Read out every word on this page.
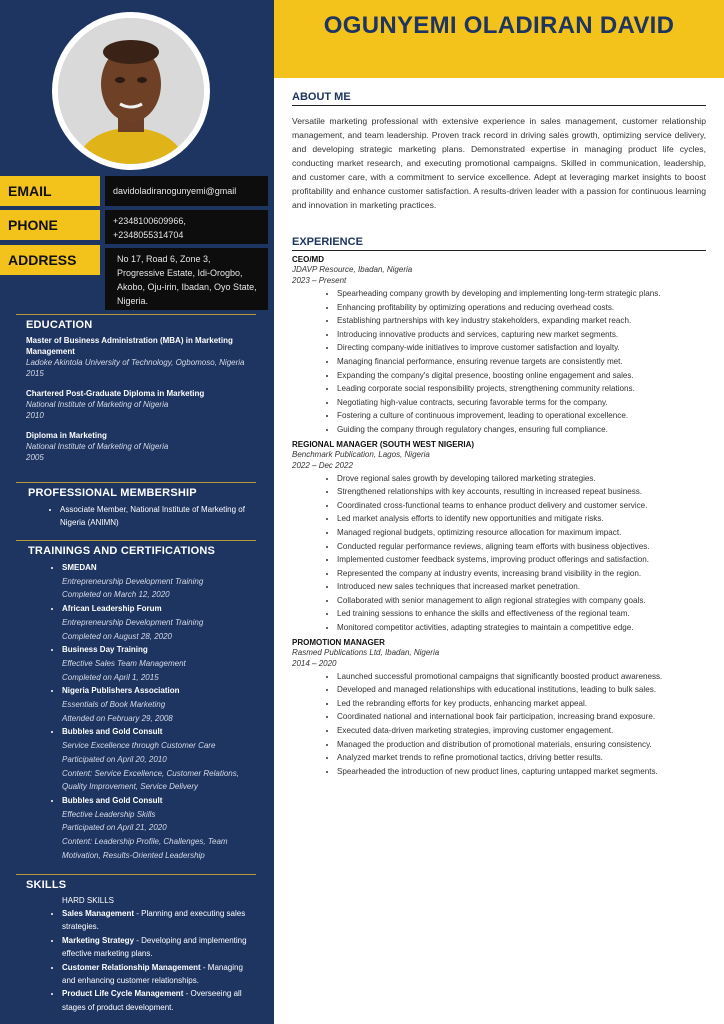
EMAIL	davidoladiranogunyemi@gmail
PHONE	+2348100609966,
+2348055314704
ADDRESS	No 17, Road 6, Zone 3, Progressive Estate, Idi-Orogbo, Akobo, Oju-irin, Ibadan, Oyo State, Nigeria.
EDUCATION
Master of Business Administration (MBA) in Marketing Management
Ladoke Akintola University of Technology, Ogbomoso, Nigeria
2015
Chartered Post-Graduate Diploma in Marketing
National Institute of Marketing of Nigeria
2010
Diploma in Marketing
National Institute of Marketing of Nigeria
2005
PROFESSIONAL MEMBERSHIP
• Associate Member, National Institute of Marketing of Nigeria (ANIMN)
TRAININGS AND CERTIFICATIONS
• SMEDAN
Entrepreneurship Development Training
Completed on March 12, 2020
• African Leadership Forum
Entrepreneurship Development Training
Completed on August 28, 2020
• Business Day Training
Effective Sales Team Management
Completed on April 1, 2015
• Nigeria Publishers Association
Essentials of Book Marketing
Attended on February 29, 2008
• Bubbles and Gold Consult
Service Excellence through Customer Care
Participated on April 20, 2010
Content: Service Excellence, Customer Relations, Quality Improvement, Service Delivery
• Bubbles and Gold Consult
Effective Leadership Skills
Participated on April 21, 2020
Content: Leadership Profile, Challenges, Team Motivation, Results-Oriented Leadership
SKILLS
HARD SKILLS
• Sales Management - Planning and executing sales strategies.
• Marketing Strategy - Developing and implementing effective marketing plans.
• Customer Relationship Management - Managing and enhancing customer relationships.
• Product Life Cycle Management - Overseeing all stages of product development.
OGUNYEMI OLADIRAN DAVID
ABOUT ME
Versatile marketing professional with extensive experience in sales management, customer relationship management, and team leadership. Proven track record in driving sales growth, optimizing service delivery, and developing strategic marketing plans. Demonstrated expertise in managing product life cycles, conducting market research, and executing promotional campaigns. Skilled in communication, leadership, and customer care, with a commitment to service excellence. Adept at leveraging market insights to boost profitability and enhance customer satisfaction. A results-driven leader with a passion for continuous learning and innovation in marketing practices.
EXPERIENCE
CEO/MD
JDAVP Resource, Ibadan, Nigeria
2023 – Present
• Spearheading company growth by developing and implementing long-term strategic plans.
• Enhancing profitability by optimizing operations and reducing overhead costs.
• Establishing partnerships with key industry stakeholders, expanding market reach.
• Introducing innovative products and services, capturing new market segments.
• Directing company-wide initiatives to improve customer satisfaction and loyalty.
• Managing financial performance, ensuring revenue targets are consistently met.
• Expanding the company's digital presence, boosting online engagement and sales.
• Leading corporate social responsibility projects, strengthening community relations.
• Negotiating high-value contracts, securing favorable terms for the company.
• Fostering a culture of continuous improvement, leading to operational excellence.
• Guiding the company through regulatory changes, ensuring full compliance.
REGIONAL MANAGER (SOUTH WEST NIGERIA)
Benchmark Publication, Lagos, Nigeria
2022 – Dec 2022
• Drove regional sales growth by developing tailored marketing strategies.
• Strengthened relationships with key accounts, resulting in increased repeat business.
• Coordinated cross-functional teams to enhance product delivery and customer service.
• Led market analysis efforts to identify new opportunities and mitigate risks.
• Managed regional budgets, optimizing resource allocation for maximum impact.
• Conducted regular performance reviews, aligning team efforts with business objectives.
• Implemented customer feedback systems, improving product offerings and satisfaction.
• Represented the company at industry events, increasing brand visibility in the region.
• Introduced new sales techniques that increased market penetration.
• Collaborated with senior management to align regional strategies with company goals.
• Led training sessions to enhance the skills and effectiveness of the regional team.
• Monitored competitor activities, adapting strategies to maintain a competitive edge.
PROMOTION MANAGER
Rasmed Publications Ltd, Ibadan, Nigeria
2014 – 2020
• Launched successful promotional campaigns that significantly boosted product awareness.
• Developed and managed relationships with educational institutions, leading to bulk sales.
• Led the rebranding efforts for key products, enhancing market appeal.
• Coordinated national and international book fair participation, increasing brand exposure.
• Executed data-driven marketing strategies, improving customer engagement.
• Managed the production and distribution of promotional materials, ensuring consistency.
• Analyzed market trends to refine promotional tactics, driving better results.
• Spearheaded the introduction of new product lines, capturing untapped market segments.
